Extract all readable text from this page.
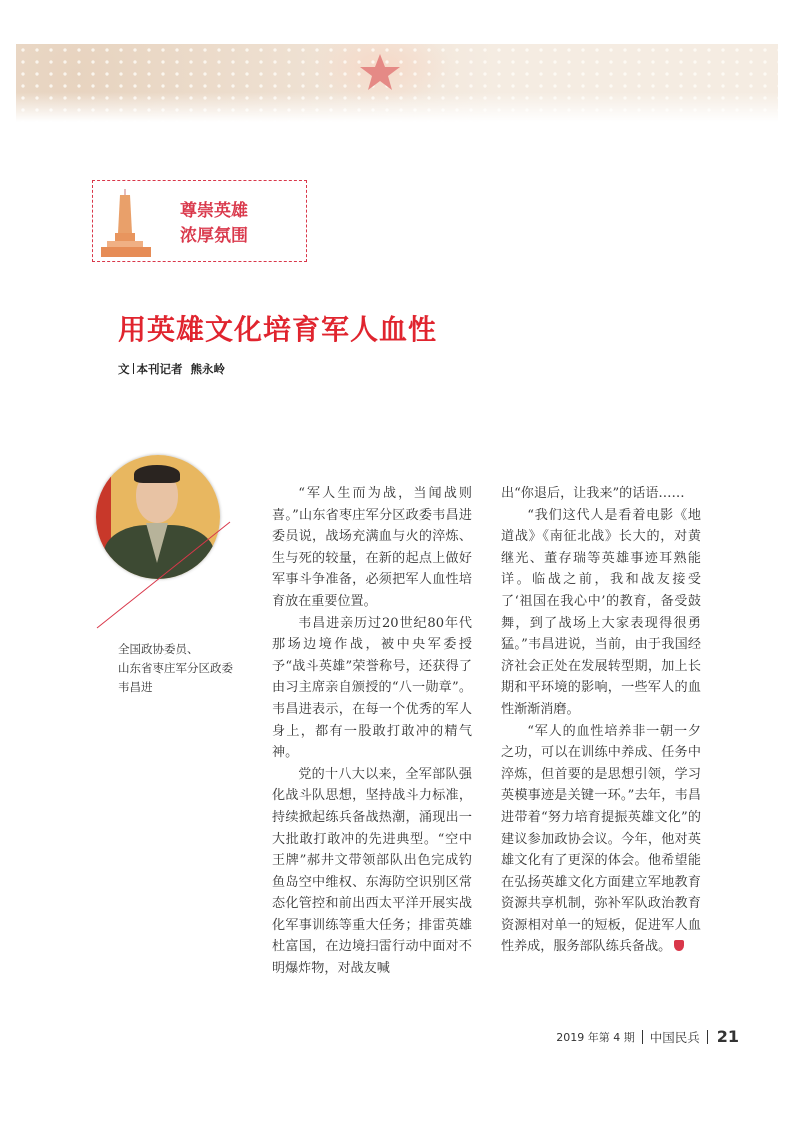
尊崇英雄
浓厚氛围
用英雄文化培育军人血性
文 本刊记者 熊永岭
全国政协委员、
山东省枣庄军分区政委
韦昌进

“军人生而为战，当闻战则喜。”山东省枣庄军分区政委韦昌进委员说，战场充满血与火的淬炼、生与死的较量，在新的起点上做好军事斗争准备，必须把军人血性培育放在重要位置。

韦昌进亲历过20世纪80年代那场边境作战，被中央军委授予“战斗英雄”荣誉称号，还获得了由习主席亲自颁授的“八一勋章”。韦昌进表示，在每一个优秀的军人身上，都有一股敢打敢冲的精气神。

党的十八大以来，全军部队强化战斗队思想，坚持战斗力标准，持续掀起练兵备战热潮，涌现出一大批敢打敢冲的先进典型。“空中王牌”郝井文带领部队出色完成钓鱼岛空中维权、东海防空识别区常态化管控和前出西太平洋开展实战化军事训练等重大任务；排雷英雄杜富国，在边境扫雷行动中面对不明爆炸物，对战友喊

出“你退后，让我来”的话语……

“我们这代人是看着电影《地道战》《南征北战》长大的，对黄继光、董存瑞等英雄事迹耳熟能详。临战之前，我和战友接受了‘祖国在我心中’的教育，备受鼓舞，到了战场上大家表现得很勇猛。”韦昌进说，当前，由于我国经济社会正处在发展转型期，加上长期和平环境的影响，一些军人的血性渐渐消磨。

“军人的血性培养非一朝一夕之功，可以在训练中养成、任务中淬炼，但首要的是思想引领，学习英模事迹是关键一环。”去年，韦昌进带着“努力培育提振英雄文化”的建议参加政协会议。今年，他对英雄文化有了更深的体会。他希望能在弘扬英雄文化方面建立军地教育资源共享机制，弥补军队政治教育资源相对单一的短板，促进军人血性养成，服务部队练兵备战。

2019 年第 4 期 中国民兵 21
